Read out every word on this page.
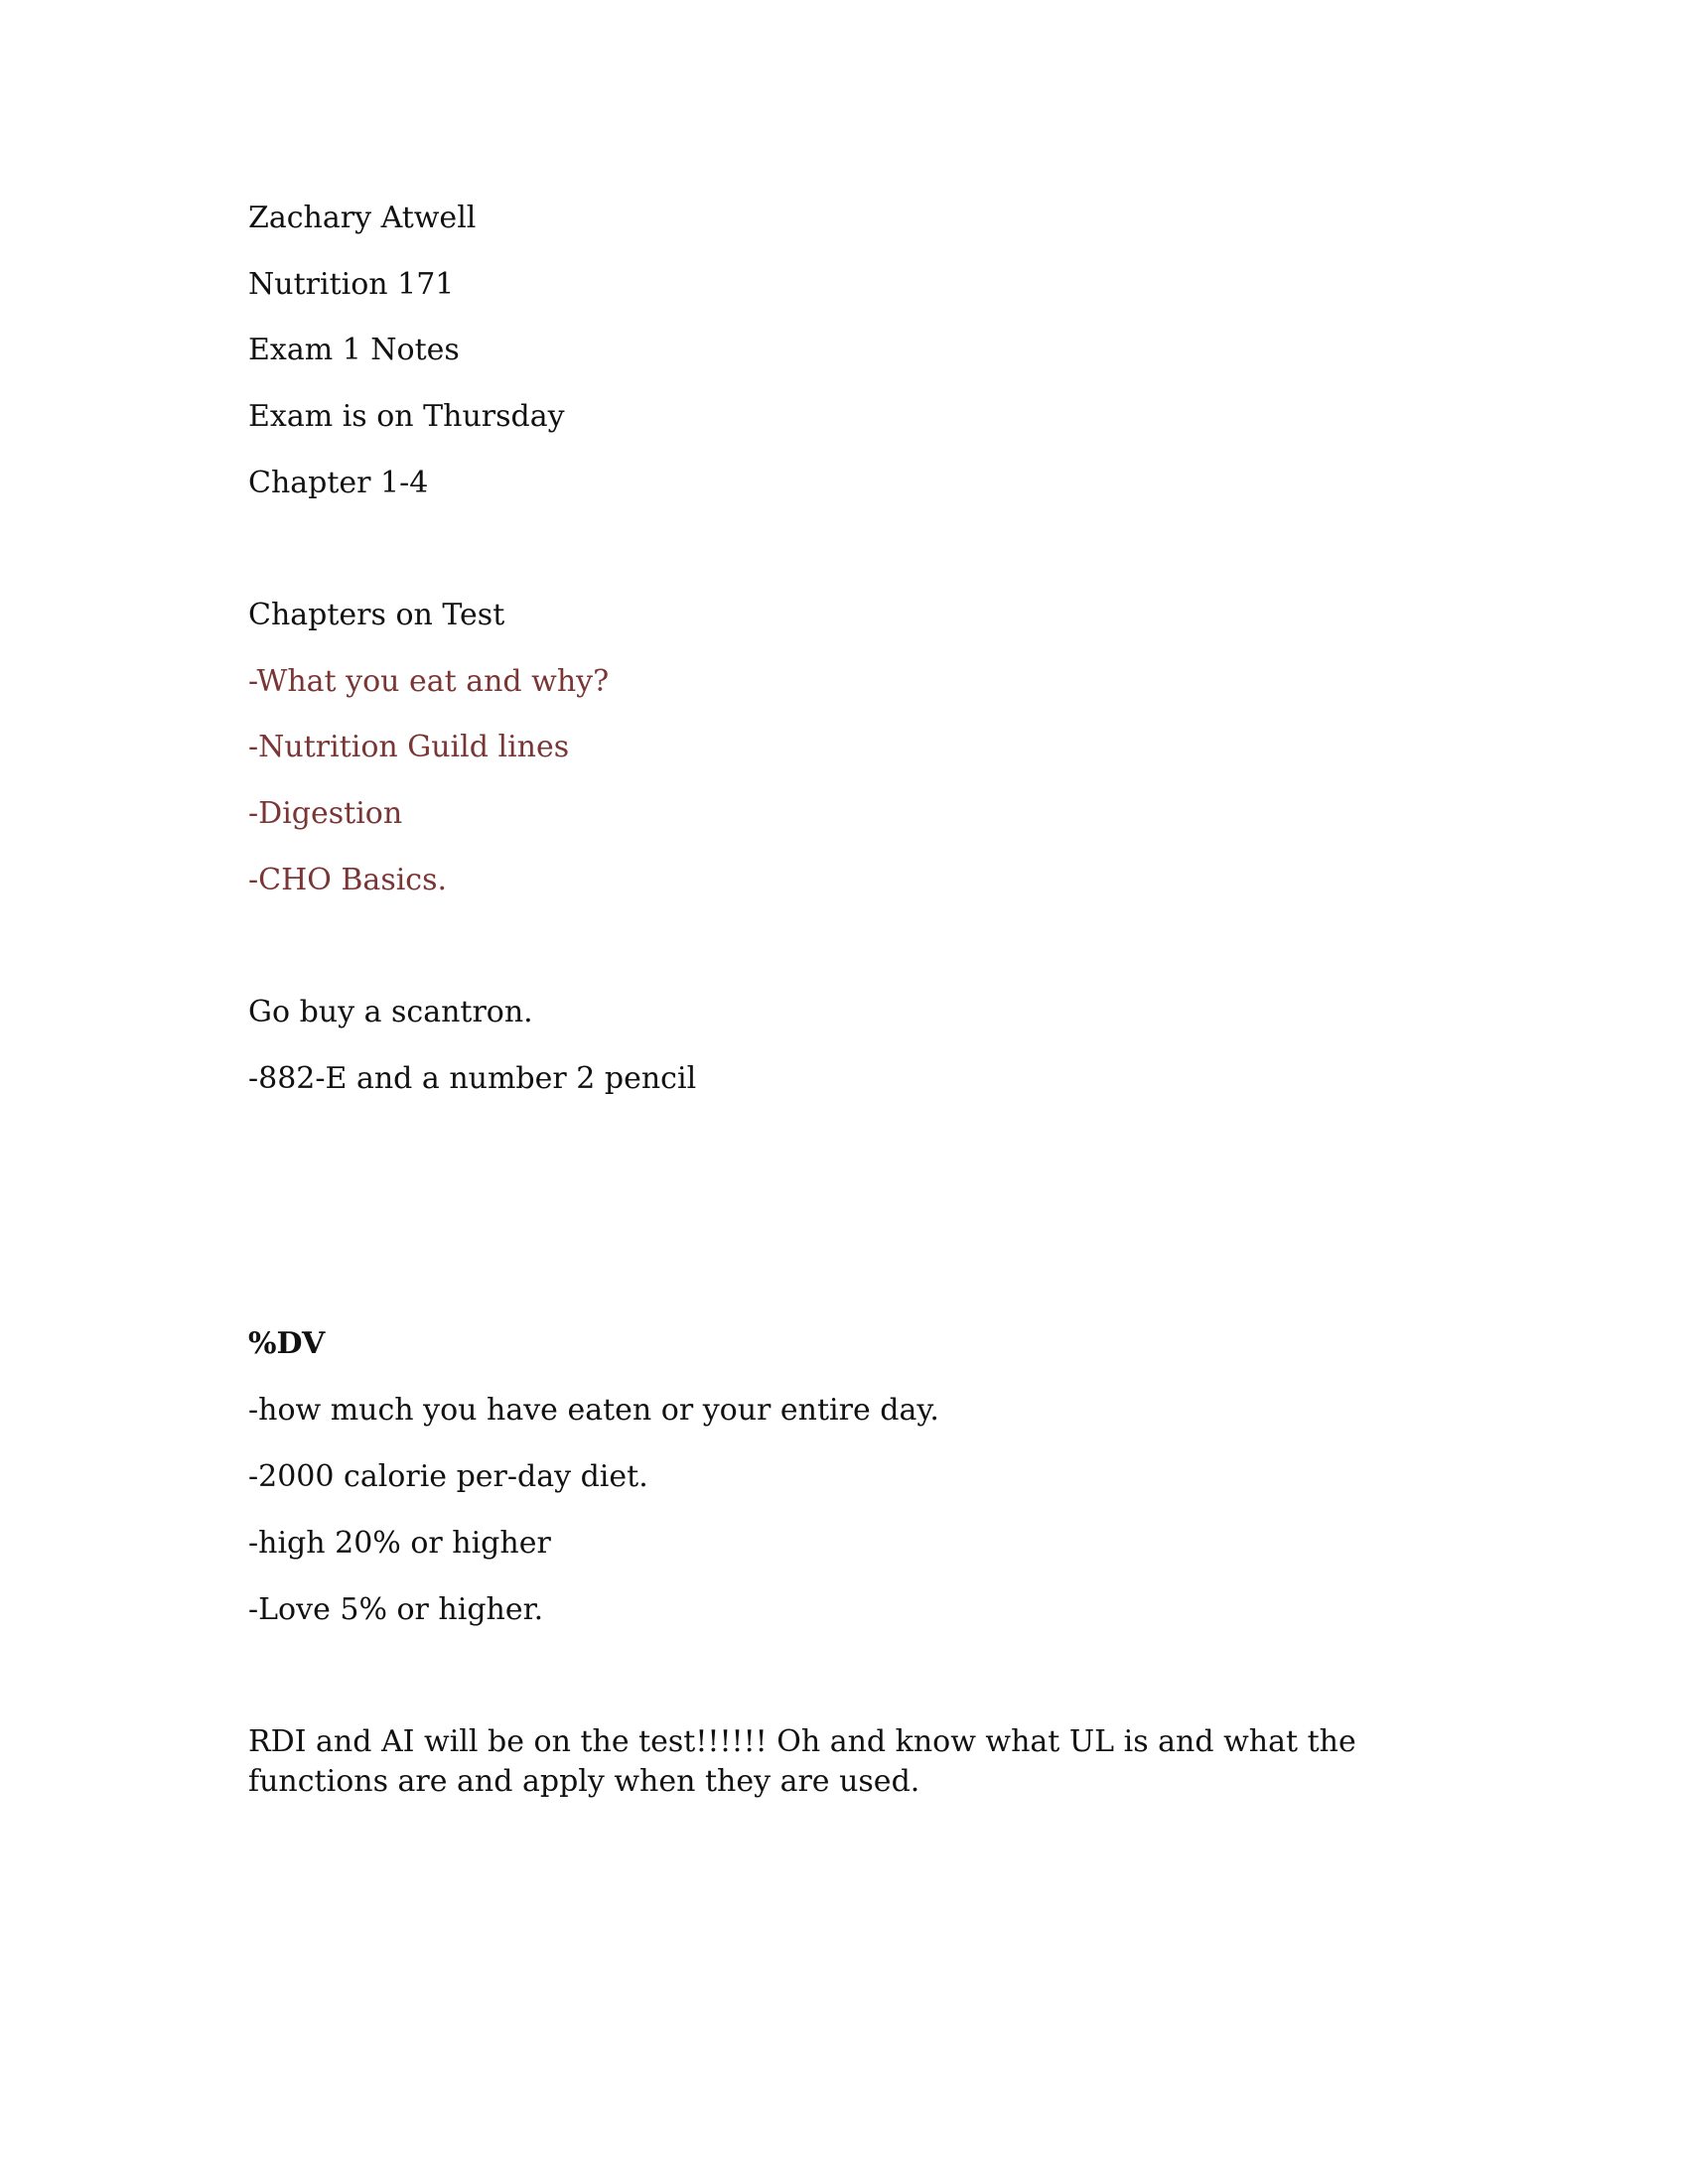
Zachary Atwell

Nutrition 171

Exam 1 Notes

Exam is on Thursday

Chapter 1-4

Chapters on Test

-What you eat and why?

-Nutrition Guild lines

-Digestion

-CHO Basics.

Go buy a scantron.

-882-E and a number 2 pencil

%DV

-how much you have eaten or your entire day.

-2000 calorie per-day diet.

-high 20% or higher

-Love 5% or higher.

RDI and AI will be on the test!!!!!! Oh and know what UL is and what the functions are and apply when they are used.
